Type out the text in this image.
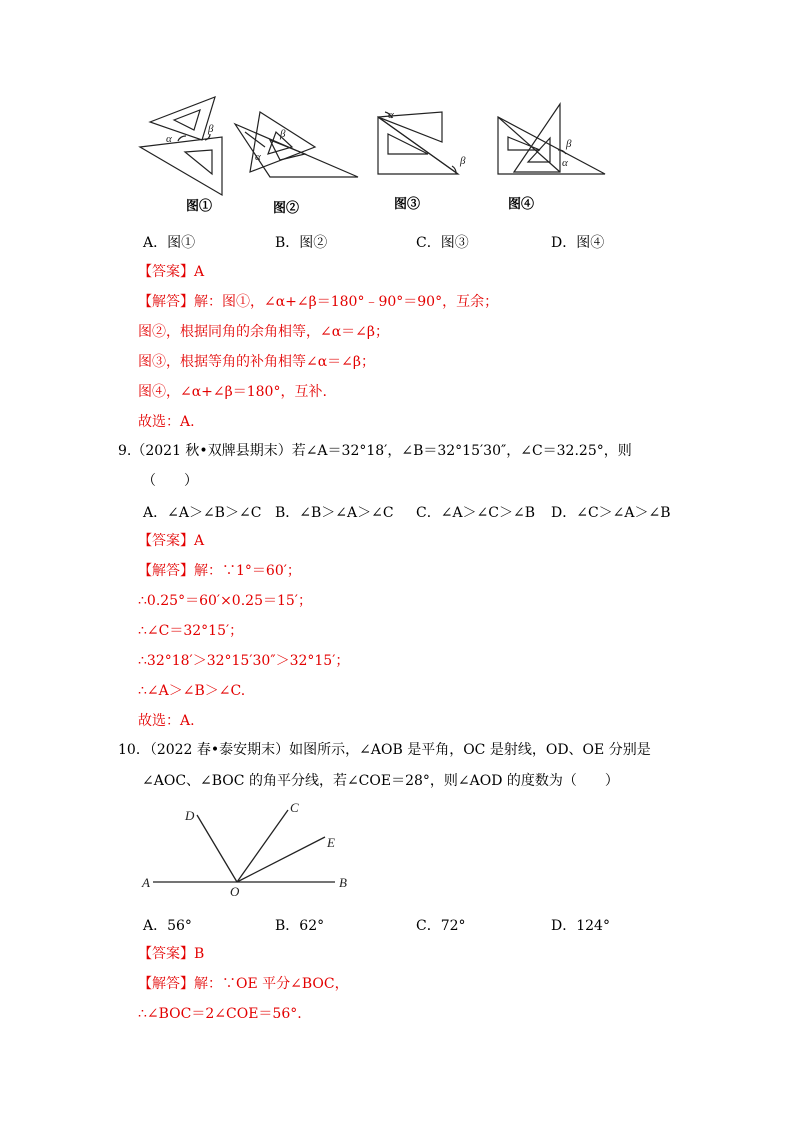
α
β
α
β
α
β	α
β
图①	图②	图③	图④
A．图①	B．图②	C．图③	D．图④
【答案】A
【解答】解：图①，∠α+∠β＝180°﹣90°＝90°，互余；
图②，根据同角的余角相等，∠α＝∠β；
图③，根据等角的补角相等∠α＝∠β；
图④，∠α+∠β＝180°，互补.
故选：A.
9.（2021 秋•双牌县期末）若∠A＝32°18′，∠B＝32°15′30″，∠C＝32.25°，则
（　　）
A．∠A＞∠B＞∠C B．∠B＞∠A＞∠C C．∠A＞∠C＞∠B D．∠C＞∠A＞∠B
【答案】A
【解答】解：∵1°＝60′；
∴0.25°＝60′×0.25＝15′；
∴∠C＝32°15′；
∴32°18′＞32°15′30″＞32°15′；
∴∠A＞∠B＞∠C.
故选：A.
10．（2022 春•泰安期末）如图所示，∠AOB 是平角，OC 是射线，OD、OE 分别是
∠AOC、∠BOC 的角平分线，若∠COE＝28°，则∠AOD 的度数为（　　）
A	B
C
D
E
O
A．56°	B．62°	C．72°	D．124°
【答案】B
【解答】解：∵OE 平分∠BOC，
∴∠BOC＝2∠COE＝56°.
